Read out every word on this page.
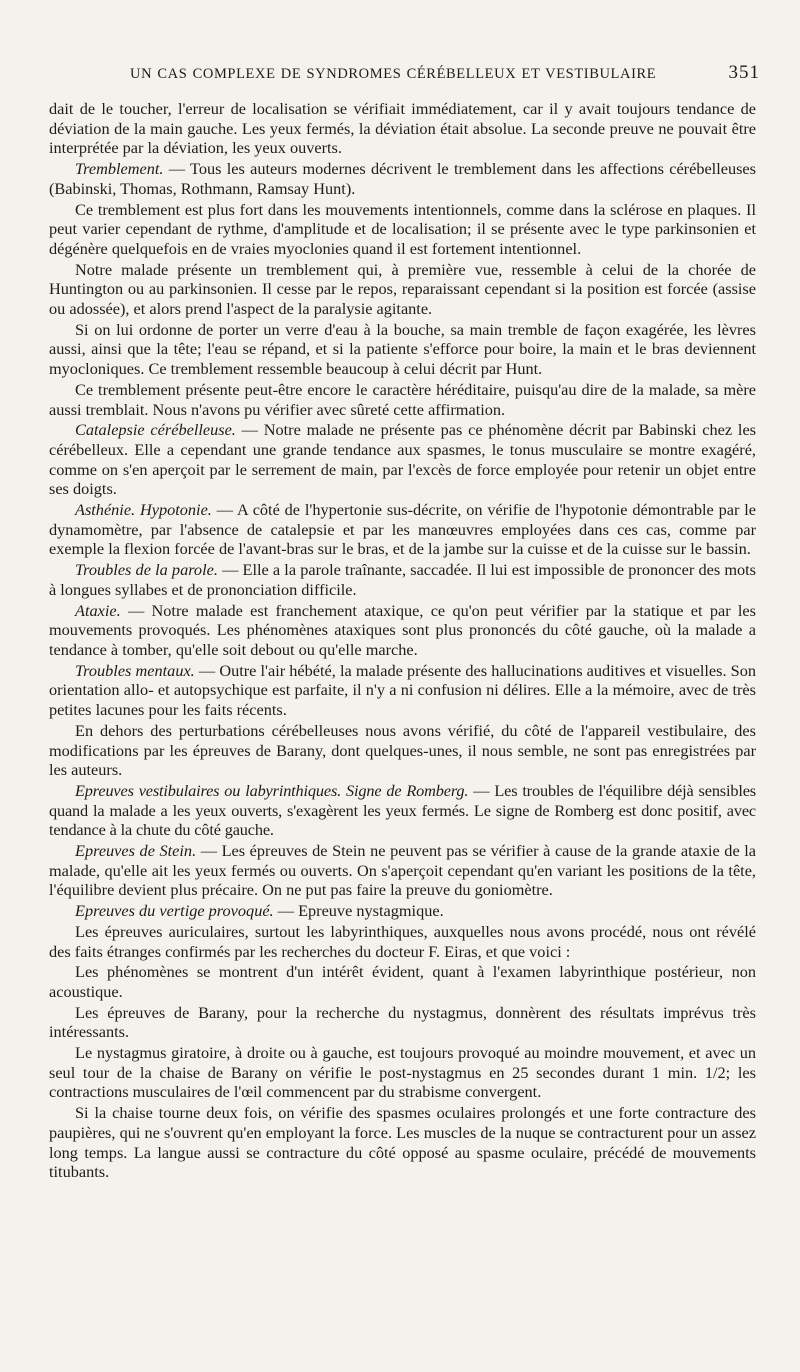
UN CAS COMPLEXE DE SYNDROMES CÉRÉBELLEUX ET VESTIBULAIRE	351

dait de le toucher, l'erreur de localisation se vérifiait immédiatement, car il y avait toujours tendance de déviation de la main gauche. Les yeux fermés, la déviation était absolue. La seconde preuve ne pouvait être interprétée par la déviation, les yeux ouverts.

Tremblement. — Tous les auteurs modernes décrivent le tremblement dans les affections cérébelleuses (Babinski, Thomas, Rothmann, Ramsay Hunt).

Ce tremblement est plus fort dans les mouvements intentionnels, comme dans la sclérose en plaques. Il peut varier cependant de rythme, d'amplitude et de localisation; il se présente avec le type parkinsonien et dégénère quelquefois en de vraies myoclonies quand il est fortement intentionnel.

Notre malade présente un tremblement qui, à première vue, ressemble à celui de la chorée de Huntington ou au parkinsonien. Il cesse par le repos, reparaissant cependant si la position est forcée (assise ou adossée), et alors prend l'aspect de la paralysie agitante.

Si on lui ordonne de porter un verre d'eau à la bouche, sa main tremble de façon exagérée, les lèvres aussi, ainsi que la tête; l'eau se répand, et si la patiente s'efforce pour boire, la main et le bras deviennent myocloniques. Ce tremblement ressemble beaucoup à celui décrit par Hunt.

Ce tremblement présente peut-être encore le caractère héréditaire, puisqu'au dire de la malade, sa mère aussi tremblait. Nous n'avons pu vérifier avec sûreté cette affirmation.

Catalepsie cérébelleuse. — Notre malade ne présente pas ce phénomène décrit par Babinski chez les cérébelleux. Elle a cependant une grande tendance aux spasmes, le tonus musculaire se montre exagéré, comme on s'en aperçoit par le serrement de main, par l'excès de force employée pour retenir un objet entre ses doigts.

Asthénie. Hypotonie. — A côté de l'hypertonie sus-décrite, on vérifie de l'hypotonie démontrable par le dynamomètre, par l'absence de catalepsie et par les manœuvres employées dans ces cas, comme par exemple la flexion forcée de l'avant-bras sur le bras, et de la jambe sur la cuisse et de la cuisse sur le bassin.

Troubles de la parole. — Elle a la parole traînante, saccadée. Il lui est impossible de prononcer des mots à longues syllabes et de prononciation difficile.

Ataxie. — Notre malade est franchement ataxique, ce qu'on peut vérifier par la statique et par les mouvements provoqués. Les phénomènes ataxiques sont plus prononcés du côté gauche, où la malade a tendance à tomber, qu'elle soit debout ou qu'elle marche.

Troubles mentaux. — Outre l'air hébété, la malade présente des hallucinations auditives et visuelles. Son orientation allo- et autopsychique est parfaite, il n'y a ni confusion ni délires. Elle a la mémoire, avec de très petites lacunes pour les faits récents.

En dehors des perturbations cérébelleuses nous avons vérifié, du côté de l'appareil vestibulaire, des modifications par les épreuves de Barany, dont quelques-unes, il nous semble, ne sont pas enregistrées par les auteurs.

Epreuves vestibulaires ou labyrinthiques. Signe de Romberg. — Les troubles de l'équilibre déjà sensibles quand la malade a les yeux ouverts, s'exagèrent les yeux fermés. Le signe de Romberg est donc positif, avec tendance à la chute du côté gauche.

Epreuves de Stein. — Les épreuves de Stein ne peuvent pas se vérifier à cause de la grande ataxie de la malade, qu'elle ait les yeux fermés ou ouverts. On s'aperçoit cependant qu'en variant les positions de la tête, l'équilibre devient plus précaire. On ne put pas faire la preuve du goniomètre.

Epreuves du vertige provoqué. — Epreuve nystagmique.

Les épreuves auriculaires, surtout les labyrinthiques, auxquelles nous avons procédé, nous ont révélé des faits étranges confirmés par les recherches du docteur F. Eiras, et que voici :

Les phénomènes se montrent d'un intérêt évident, quant à l'examen labyrinthique postérieur, non acoustique.

Les épreuves de Barany, pour la recherche du nystagmus, donnèrent des résultats imprévus très intéressants.

Le nystagmus giratoire, à droite ou à gauche, est toujours provoqué au moindre mouvement, et avec un seul tour de la chaise de Barany on vérifie le post-nystagmus en 25 secondes durant 1 min. 1/2; les contractions musculaires de l'œil commencent par du strabisme convergent.

Si la chaise tourne deux fois, on vérifie des spasmes oculaires prolongés et une forte contracture des paupières, qui ne s'ouvrent qu'en employant la force. Les muscles de la nuque se contracturent pour un assez long temps. La langue aussi se contracture du côté opposé au spasme oculaire, précédé de mouvements titubants.
